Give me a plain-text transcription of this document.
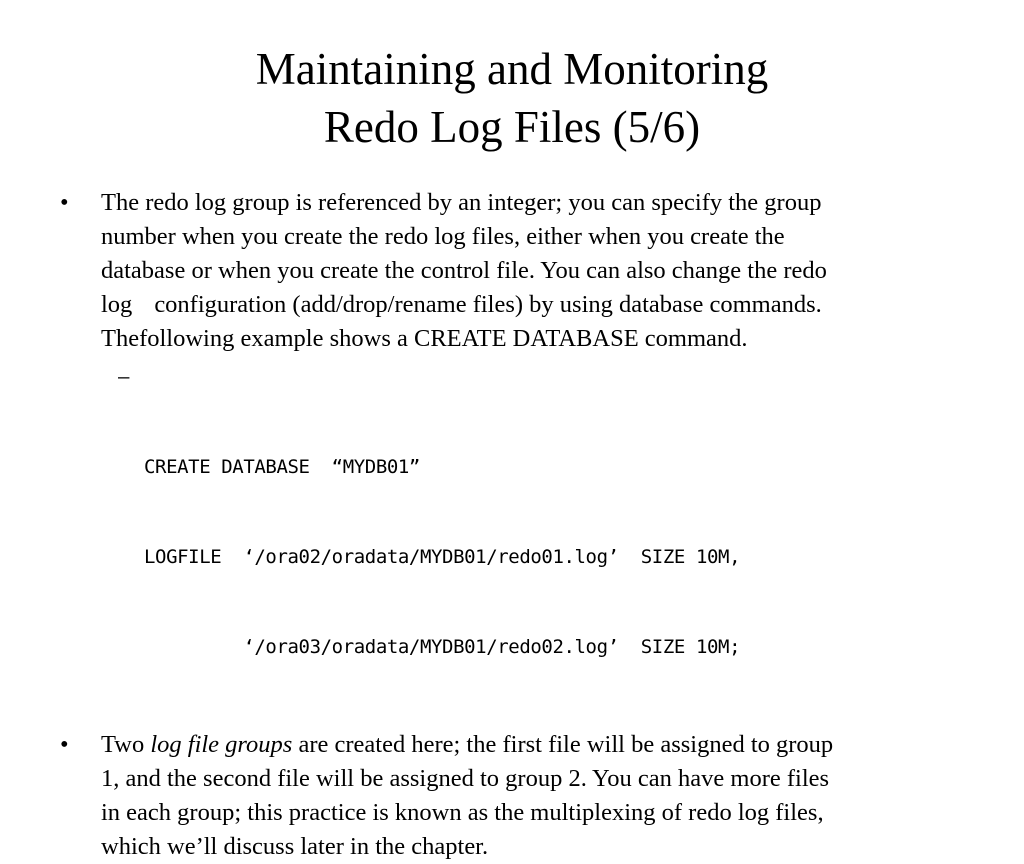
Maintaining and Monitoring
Redo Log Files (5/6)
•	The redo log group is referenced by an integer; you can specify the group
number when you create the redo log files, either when you create the
database or when you create the control file. You can also change the redo
log configuration (add/drop/rename files) by using database commands.
Thefollowing example shows a CREATE DATABASE command.

–

CREATE DATABASE  “MYDB01”

LOGFILE  ‘/ora02/oradata/MYDB01/redo01.log’  SIZE 10M,

‘/ora03/oradata/MYDB01/redo02.log’  SIZE 10M;

•	Two log file groups are created here; the first file will be assigned to group
1, and the second file will be assigned to group 2. You can have more files
in each group; this practice is known as the multiplexing of redo log files,
which we’ll discuss later in the chapter.
